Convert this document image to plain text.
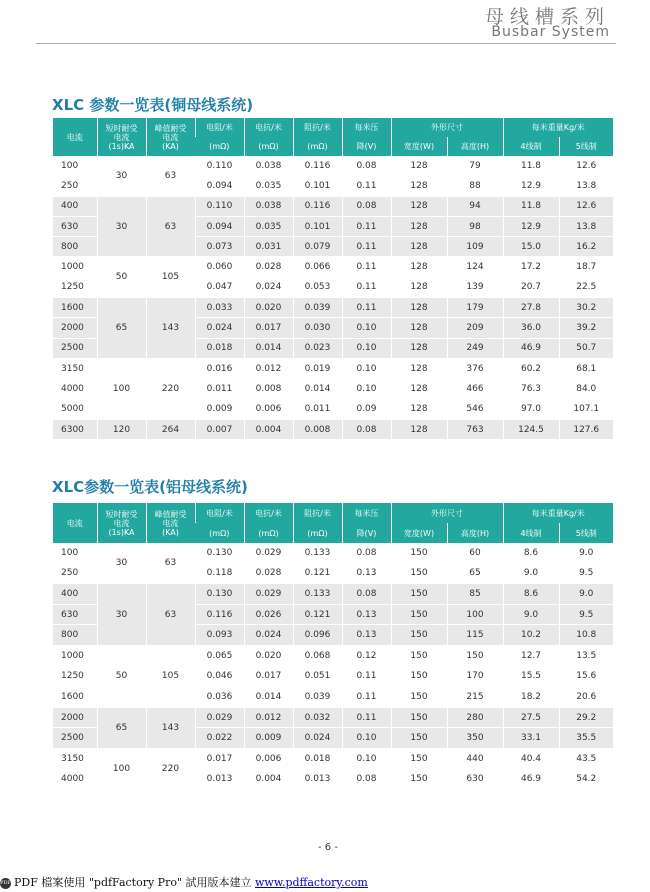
母线槽系列
Busbar System
XLC 参数一览表(铜母线系统)
电流	短时耐受
电流
(1s)KA	峰值耐受
电流
(KA)	电阻/米	电抗/米	阻抗/米	每米压	外形尺寸		每米重量Kg/米	
			(mΩ)	(mΩ)	(mΩ)	降(V)	宽度(W)	高度(H)	4线制	5线制
100	30	63	0.110	0.038	0.116	0.08	128	79	11.8	12.6
250			0.094	0.035	0.101	0.11	128	88	12.9	13.8
400	30	63	0.110	0.038	0.116	0.08	128	94	11.8	12.6
630			0.094	0.035	0.101	0.11	128	98	12.9	13.8
800			0.073	0.031	0.079	0.11	128	109	15.0	16.2
1000	50	105	0.060	0.028	0.066	0.11	128	124	17.2	18.7
1250			0.047	0.024	0.053	0.11	128	139	20.7	22.5
1600	65	143	0.033	0.020	0.039	0.11	128	179	27.8	30.2
2000			0.024	0.017	0.030	0.10	128	209	36.0	39.2
2500			0.018	0.014	0.023	0.10	128	249	46.9	50.7
3150	100	220	0.016	0.012	0.019	0.10	128	376	60.2	68.1
4000			0.011	0.008	0.014	0.10	128	466	76.3	84.0
5000			0.009	0.006	0.011	0.09	128	546	97.0	107.1
6300	120	264	0.007	0.004	0.008	0.08	128	763	124.5	127.6
XLC参数一览表(铝母线系统)
电流	短时耐受
电流
(1s)KA	峰值耐受
电流
(KA)	电阻/米	电抗/米	阻抗/米	每米压	外形尺寸		每米重量Kg/米	
			(mΩ)	(mΩ)	(mΩ)	降(V)	宽度(W)	高度(H)	4线制	5线制
100	30	63	0.130	0.029	0.133	0.08	150	60	8.6	9.0
250			0.118	0.028	0.121	0.13	150	65	9.0	9.5
400	30	63	0.130	0.029	0.133	0.08	150	85	8.6	9.0
630			0.116	0.026	0.121	0.13	150	100	9.0	9.5
800			0.093	0.024	0.096	0.13	150	115	10.2	10.8
1000	50	105	0.065	0.020	0.068	0.12	150	150	12.7	13.5
1250			0.046	0.017	0.051	0.11	150	170	15.5	15.6
1600			0.036	0.014	0.039	0.11	150	215	18.2	20.6
2000	65	143	0.029	0.012	0.032	0.11	150	280	27.5	29.2
2500			0.022	0.009	0.024	0.10	150	350	33.1	35.5
3150	100	220	0.017	0.006	0.018	0.10	150	440	40.4	43.5
4000			0.013	0.004	0.013	0.08	150	630	46.9	54.2
- 6 -
PDF PDF 檔案使用 "pdfFactory Pro" 試用版本建立 www.pdffactory.com
